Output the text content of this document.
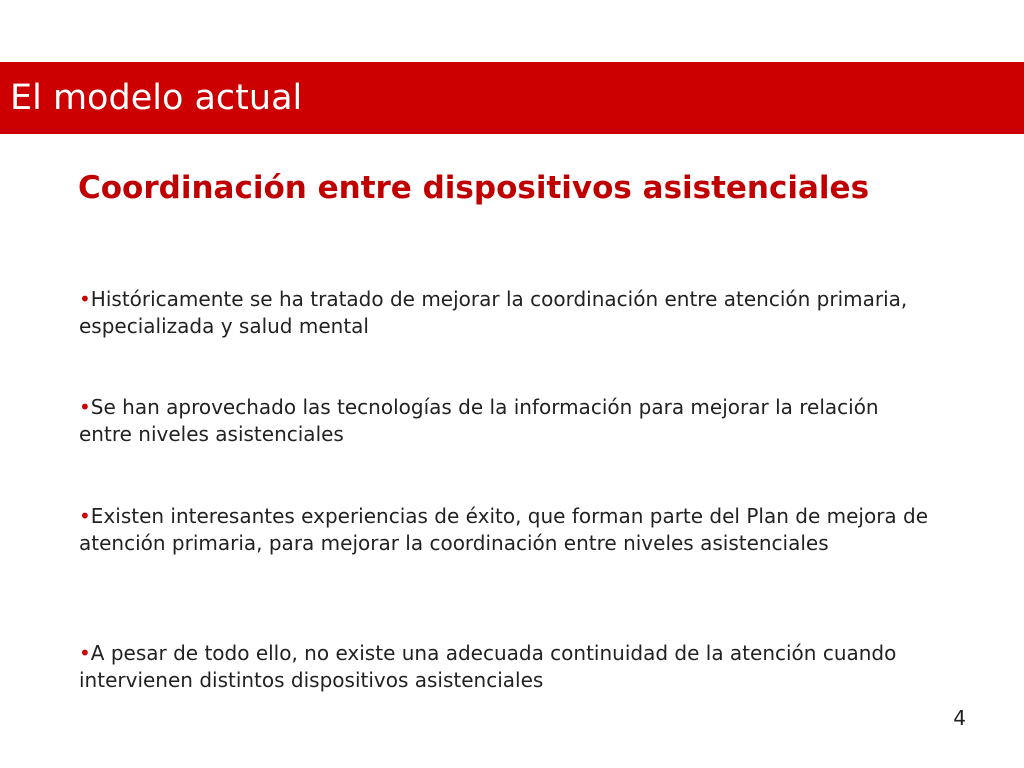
El modelo actual
Coordinación entre dispositivos asistenciales
•Históricamente se ha tratado de mejorar la coordinación entre atención primaria, especializada y salud mental
•Se han aprovechado las tecnologías de la información para mejorar la relación entre niveles asistenciales
•Existen interesantes experiencias de éxito, que forman parte del Plan de mejora de atención primaria, para mejorar la coordinación entre niveles asistenciales
•A pesar de todo ello, no existe una adecuada continuidad de la atención cuando intervienen distintos dispositivos asistenciales
4
